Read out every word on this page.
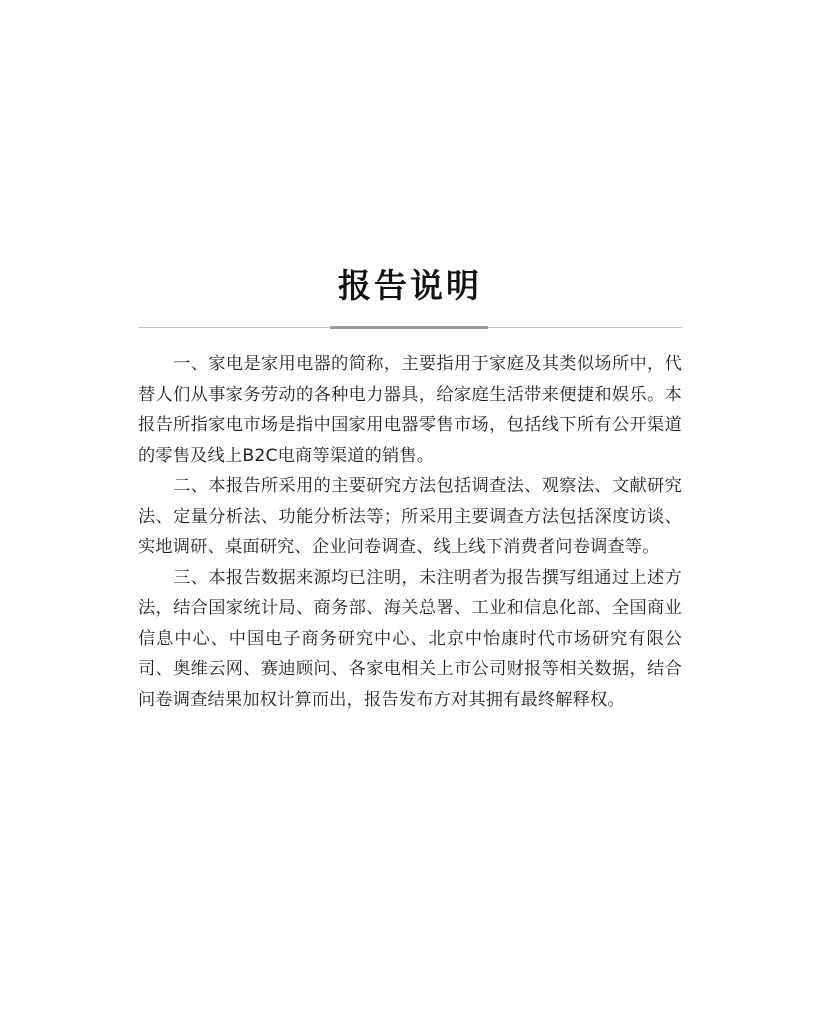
报告说明

一、家电是家用电器的简称，主要指用于家庭及其类似场所中，代替人们从事家务劳动的各种电力器具，给家庭生活带来便捷和娱乐。本报告所指家电市场是指中国家用电器零售市场，包括线下所有公开渠道的零售及线上B2C电商等渠道的销售。

二、本报告所采用的主要研究方法包括调查法、观察法、文献研究法、定量分析法、功能分析法等；所采用主要调查方法包括深度访谈、实地调研、桌面研究、企业问卷调查、线上线下消费者问卷调查等。

三、本报告数据来源均已注明，未注明者为报告撰写组通过上述方法，结合国家统计局、商务部、海关总署、工业和信息化部、全国商业信息中心、中国电子商务研究中心、北京中怡康时代市场研究有限公司、奥维云网、赛迪顾问、各家电相关上市公司财报等相关数据，结合问卷调查结果加权计算而出，报告发布方对其拥有最终解释权。
